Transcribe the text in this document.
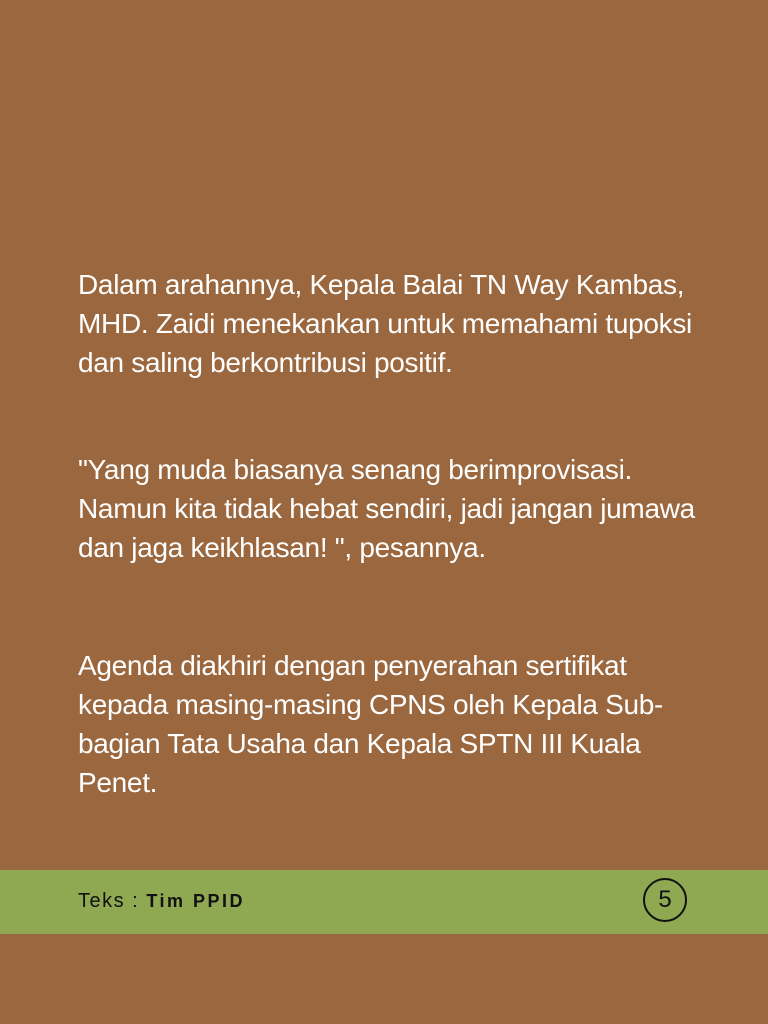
Dalam arahannya, Kepala Balai TN Way Kambas, MHD. Zaidi menekankan untuk memahami tupoksi dan saling berkontribusi positif.
"Yang muda biasanya senang berimprovisasi. Namun kita tidak hebat sendiri, jadi jangan jumawa dan jaga keikhlasan! ", pesannya.
Agenda diakhiri dengan penyerahan sertifikat kepada masing-masing CPNS oleh Kepala Sub-bagian Tata Usaha dan Kepala SPTN III Kuala Penet.
Teks : Tim PPID	5
